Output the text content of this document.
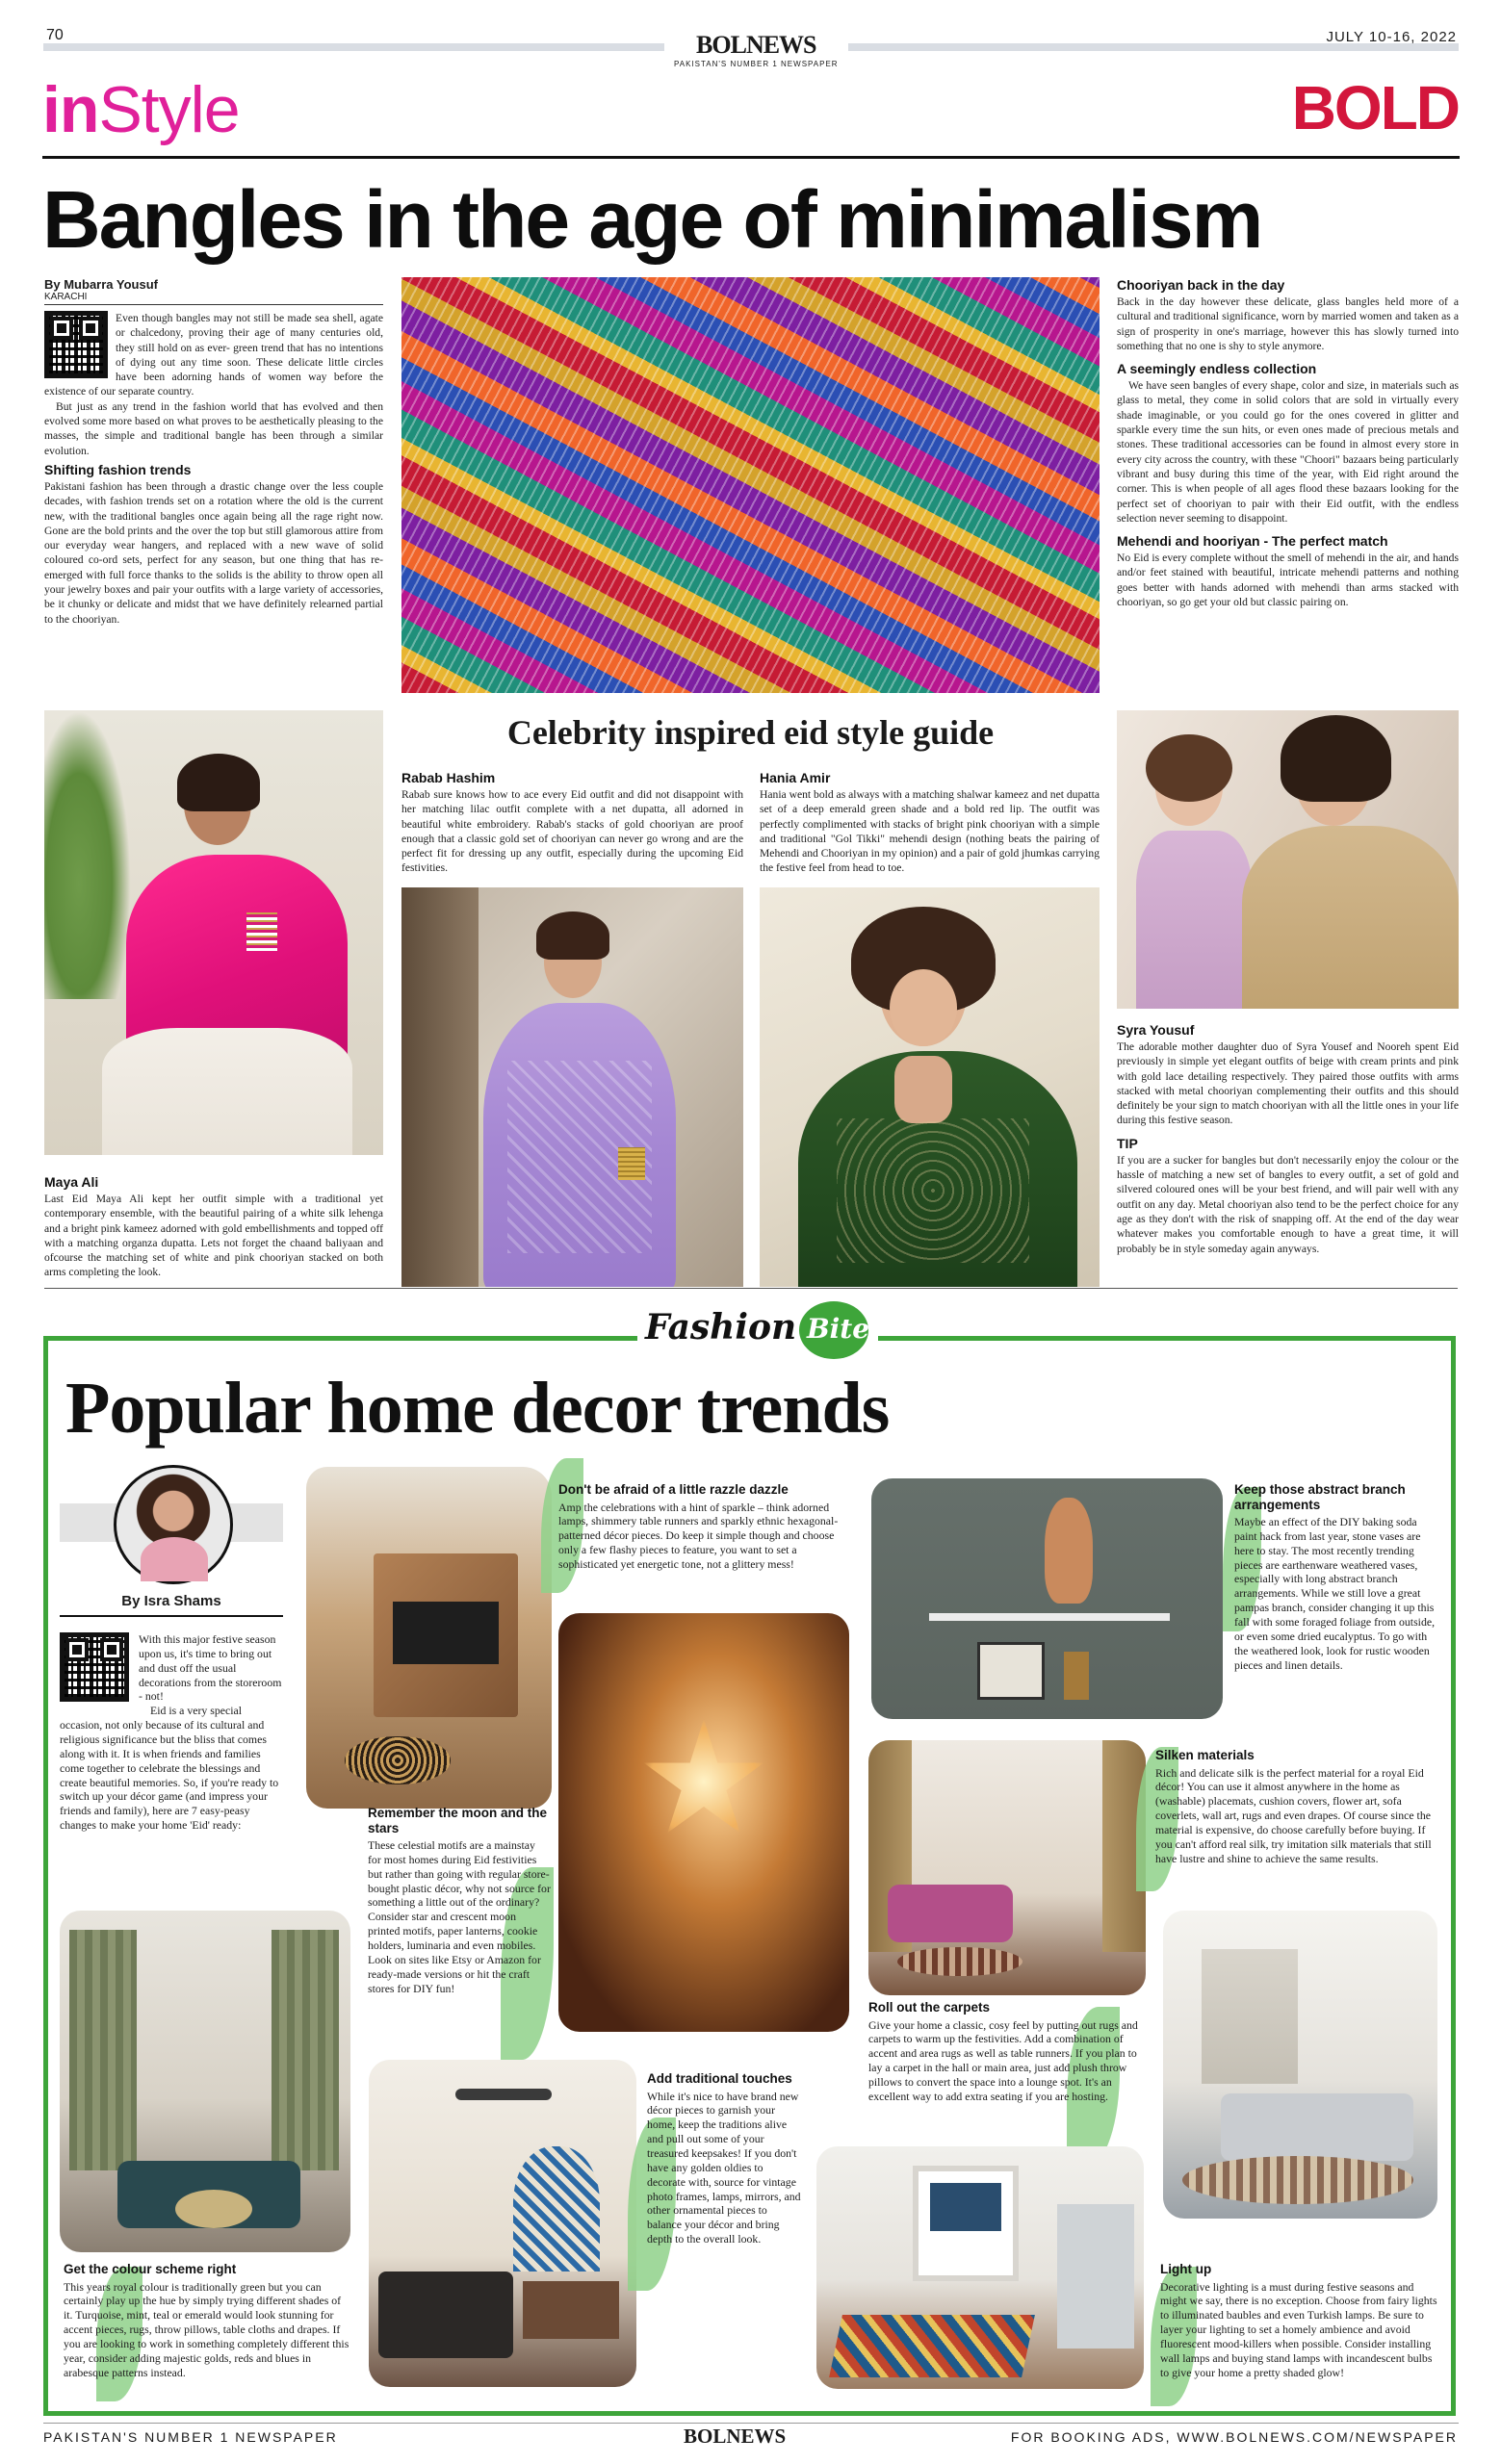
70	JULY 10-16, 2022
BOLNEWS
PAKISTAN'S NUMBER 1 NEWSPAPER
inStyle	BOLD
Bangles in the age of minimalism
By Mubarra Yousuf
KARACHI

Even though bangles may not still be made sea shell, agate or chalcedony, proving their age of many centuries old, they still hold on as ever- green trend that has no intentions of dying out any time soon. These delicate little circles have been adorning hands of women way before the existence of our separate country.

But just as any trend in the fashion world that has evolved and then evolved some more based on what proves to be aesthetically pleasing to the masses, the simple and traditional bangle has been through a similar evolution.

Shifting fashion trends

Pakistani fashion has been through a drastic change over the less couple decades, with fashion trends set on a rotation where the old is the current new, with the traditional bangles once again being all the rage right now. Gone are the bold prints and the over the top but still glamorous attire from our everyday wear hangers, and replaced with a new wave of solid coloured co-ord sets, perfect for any season, but one thing that has re-emerged with full force thanks to the solids is the ability to throw open all your jewelry boxes and pair your outfits with a large variety of accessories, be it chunky or delicate and midst that we have definitely relearned partial to the chooriyan.

Chooriyan back in the day

Back in the day however these delicate, glass bangles held more of a cultural and traditional significance, worn by married women and taken as a sign of prosperity in one's marriage, however this has slowly turned into something that no one is shy to style anymore.

A seemingly endless collection

We have seen bangles of every shape, color and size, in materials such as glass to metal, they come in solid colors that are sold in virtually every shade imaginable, or you could go for the ones covered in glitter and sparkle every time the sun hits, or even ones made of precious metals and stones. These traditional accessories can be found in almost every store in every city across the country, with these "Choori" bazaars being particularly vibrant and busy during this time of the year, with Eid right around the corner. This is when people of all ages flood these bazaars looking for the perfect set of chooriyan to pair with their Eid outfit, with the endless selection never seeming to disappoint.

Mehendi and hooriyan - The perfect match

No Eid is every complete without the smell of mehendi in the air, and hands and/or feet stained with beautiful, intricate mehendi patterns and nothing goes better with hands adorned with mehendi than arms stacked with chooriyan, so go get your old but classic pairing on.

Maya Ali

Last Eid Maya Ali kept her outfit simple with a traditional yet contemporary ensemble, with the beautiful pairing of a white silk lehenga and a bright pink kameez adorned with gold embellishments and topped off with a matching organza dupatta. Lets not forget the chaand baliyaan and ofcourse the matching set of white and pink chooriyan stacked on both arms completing the look.

Celebrity inspired eid style guide
Rabab Hashim

Rabab sure knows how to ace every Eid outfit and did not disappoint with her matching lilac outfit complete with a net dupatta, all adorned in beautiful white embroidery. Rabab's stacks of gold chooriyan are proof enough that a classic gold set of chooriyan can never go wrong and are the perfect fit for dressing up any outfit, especially during the upcoming Eid festivities.

Hania Amir

Hania went bold as always with a matching shalwar kameez and net dupatta set of a deep emerald green shade and a bold red lip. The outfit was perfectly complimented with stacks of bright pink chooriyan with a simple and traditional "Gol Tikki" mehendi design (nothing beats the pairing of Mehendi and Chooriyan in my opinion) and a pair of gold jhumkas carrying the festive feel from head to toe.

Syra Yousuf

The adorable mother daughter duo of Syra Yousef and Nooreh spent Eid previously in simple yet elegant outfits of beige with cream prints and pink with gold lace detailing respectively. They paired those outfits with arms stacked with metal chooriyan complementing their outfits and this should definitely be your sign to match chooriyan with all the little ones in your life during this festive season.

TIP

If you are a sucker for bangles but don't necessarily enjoy the colour or the hassle of matching a new set of bangles to every outfit, a set of gold and silvered coloured ones will be your best friend, and will pair well with any outfit on any day. Metal chooriyan also tend to be the perfect choice for any age as they don't with the risk of snapping off. At the end of the day wear whatever makes you comfortable enough to have a great time, it will probably be in style someday again anyways.

Fashion Bite
Popular home decor trends
By Isra Shams

With this major festive season upon us, it's time to bring out and dust off the usual decorations from the storeroom - not!

Eid is a very special occasion, not only because of its cultural and religious significance but the bliss that comes along with it. It is when friends and families come together to celebrate the blessings and create beautiful memories. So, if you're ready to switch up your décor game (and impress your friends and family), here are 7 easy-peasy changes to make your home 'Eid' ready:

Don't be afraid of a little razzle dazzle

Amp the celebrations with a hint of sparkle – think adorned lamps, shimmery table runners and sparkly ethnic hexagonal-patterned décor pieces. Do keep it simple though and choose only a few flashy pieces to feature, you want to set a sophisticated yet energetic tone, not a glittery mess!

Keep those abstract branch arrangements

Maybe an effect of the DIY baking soda paint hack from last year, stone vases are here to stay. The most recently trending pieces are earthenware weathered vases, especially with long abstract branch arrangements. While we still love a great pampas branch, consider changing it up this fall with some foraged foliage from outside, or even some dried eucalyptus. To go with the weathered look, look for rustic wooden pieces and linen details.

Remember the moon and the stars

These celestial motifs are a mainstay for most homes during Eid festivities but rather than going with regular store-bought plastic décor, why not source for something a little out of the ordinary? Consider star and crescent moon printed motifs, paper lanterns, cookie holders, luminaria and even mobiles. Look on sites like Etsy or Amazon for ready-made versions or hit the craft stores for DIY fun!

Silken materials

Rich and delicate silk is the perfect material for a royal Eid décor! You can use it almost anywhere in the home as (washable) placemats, cushion covers, flower art, sofa coverlets, wall art, rugs and even drapes. Of course since the material is expensive, do choose carefully before buying. If you can't afford real silk, try imitation silk materials that still have lustre and shine to achieve the same results.

Get the colour scheme right

This years royal colour is traditionally green but you can certainly play up the hue by simply trying different shades of it. Turquoise, mint, teal or emerald would look stunning for accent pieces, rugs, throw pillows, table cloths and drapes. If you are looking to work in something completely different this year, consider adding majestic golds, reds and blues in arabesque patterns instead.

Add traditional touches

While it's nice to have brand new décor pieces to garnish your home, keep the traditions alive and pull out some of your treasured keepsakes! If you don't have any golden oldies to decorate with, source for vintage photo frames, lamps, mirrors, and other ornamental pieces to balance your décor and bring depth to the overall look.

Roll out the carpets

Give your home a classic, cosy feel by putting out rugs and carpets to warm up the festivities. Add a combination of accent and area rugs as well as table runners. If you plan to lay a carpet in the hall or main area, just add plush throw pillows to convert the space into a lounge spot. It's an excellent way to add extra seating if you are hosting.

Light up

Decorative lighting is a must during festive seasons and might we say, there is no exception. Choose from fairy lights to illuminated baubles and even Turkish lamps. Be sure to layer your lighting to set a homely ambience and avoid fluorescent mood-killers when possible. Consider installing wall lamps and buying stand lamps with incandescent bulbs to give your home a pretty shaded glow!

PAKISTAN'S NUMBER 1 NEWSPAPER	BOLNEWS	FOR BOOKING ADS, WWW.BOLNEWS.COM/NEWSPAPER
